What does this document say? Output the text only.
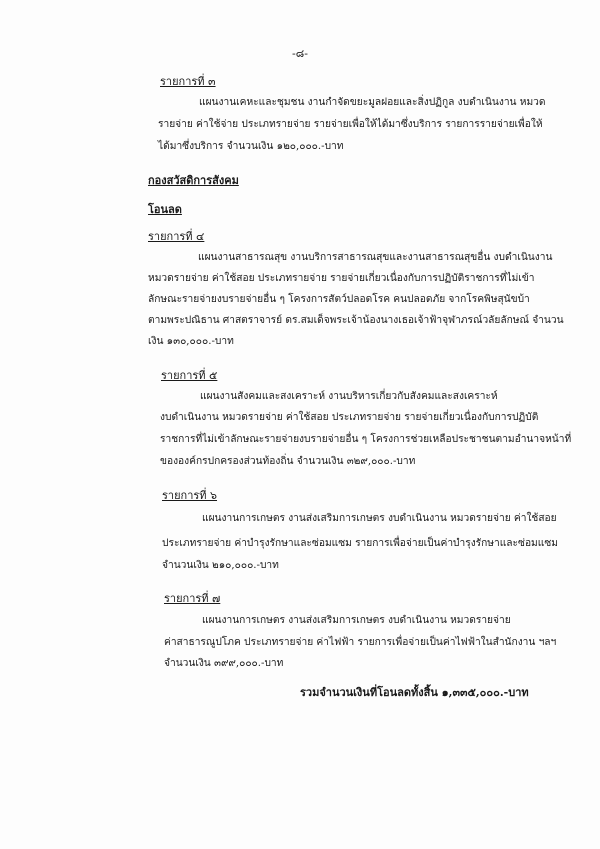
-๘-
รายการที่ ๓
แผนงานเคหะและชุมชน งานกำจัดขยะมูลฝอยและสิ่งปฏิกูล งบดำเนินงาน หมวด
รายจ่าย ค่าใช้จ่าย ประเภทรายจ่าย รายจ่ายเพื่อให้ได้มาซึ่งบริการ รายการรายจ่ายเพื่อให้
ได้มาซึ่งบริการ จำนวนเงิน ๑๒๐,๐๐๐.-บาท
กองสวัสดิการสังคม
โอนลด
รายการที่ ๔
แผนงานสาธารณสุข งานบริการสาธารณสุขและงานสาธารณสุขอื่น งบดำเนินงาน
หมวดรายจ่าย ค่าใช้สอย ประเภทรายจ่าย รายจ่ายเกี่ยวเนื่องกับการปฏิบัติราชการที่ไม่เข้า
ลักษณะรายจ่ายงบรายจ่ายอื่น ๆ โครงการสัตว์ปลอดโรค คนปลอดภัย จากโรคพิษสุนัขบ้า
ตามพระปณิธาน ศาสตราจารย์ ดร.สมเด็จพระเจ้าน้องนางเธอเจ้าฟ้าจุฬาภรณ์วลัยลักษณ์ จำนวน
เงิน ๑๓๐,๐๐๐.-บาท
รายการที่ ๕
แผนงานสังคมและสงเคราะห์ งานบริหารเกี่ยวกับสังคมและสงเคราะห์
งบดำเนินงาน หมวดรายจ่าย ค่าใช้สอย ประเภทรายจ่าย รายจ่ายเกี่ยวเนื่องกับการปฏิบัติ
ราชการที่ไม่เข้าลักษณะรายจ่ายงบรายจ่ายอื่น ๆ โครงการช่วยเหลือประชาชนตามอำนาจหน้าที่
ขององค์กรปกครองส่วนท้องถิ่น จำนวนเงิน ๓๒๙,๐๐๐.-บาท
รายการที่ ๖
แผนงานการเกษตร งานส่งเสริมการเกษตร งบดำเนินงาน หมวดรายจ่าย ค่าใช้สอย
ประเภทรายจ่าย ค่าบำรุงรักษาและซ่อมแซม รายการเพื่อจ่ายเป็นค่าบำรุงรักษาและซ่อมแซม
จำนวนเงิน ๒๑๐,๐๐๐.-บาท
รายการที่ ๗
แผนงานการเกษตร งานส่งเสริมการเกษตร งบดำเนินงาน หมวดรายจ่าย
ค่าสาธารณูปโภค ประเภทรายจ่าย ค่าไฟฟ้า รายการเพื่อจ่ายเป็นค่าไฟฟ้าในสำนักงาน ฯลฯ
จำนวนเงิน ๓๙๙,๐๐๐.-บาท
รวมจำนวนเงินที่โอนลดทั้งสิ้น ๑,๓๓๕,๐๐๐.-บาท
